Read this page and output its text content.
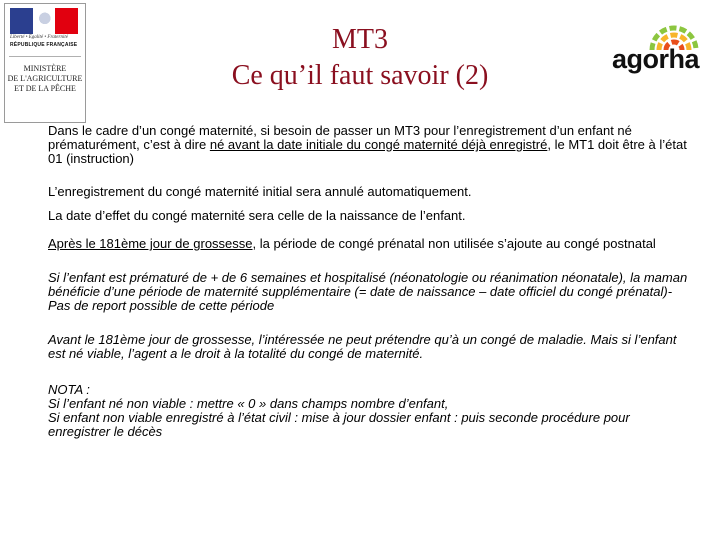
Liberté • Égalité • Fraternité
RÉPUBLIQUE FRANÇAISE
MINISTÈRE
DE L'AGRICULTURE
ET DE LA PÊCHE
MT3
Ce qu’il faut savoir (2)
agorha

Dans le cadre d’un congé maternité, si besoin de passer un MT3 pour l’enregistrement d’un enfant né prématurément, c’est à dire né avant la date initiale du congé maternité déjà enregistré, le MT1 doit être à l’état 01 (instruction)

L’enregistrement du congé maternité initial sera annulé automatiquement.

La date d’effet du congé maternité sera celle de la naissance de l’enfant.

Après le 181ème jour de grossesse, la période de congé prénatal non utilisée s’ajoute au congé postnatal

Si l’enfant est prématuré de + de 6 semaines et hospitalisé (néonatologie ou réanimation néonatale), la maman bénéficie d’une période de maternité supplémentaire (= date de naissance – date officiel du congé prénatal)- Pas de report possible de cette période

Avant le 181ème jour de grossesse, l’intéressée ne peut prétendre qu’à un congé de maladie. Mais si l’enfant est né viable, l’agent a le droit à la totalité du congé de maternité.

NOTA :
Si l’enfant né non viable : mettre « 0 » dans champs nombre d’enfant,
Si enfant non viable enregistré à l’état civil : mise à jour dossier enfant : puis seconde procédure pour enregistrer le décès
